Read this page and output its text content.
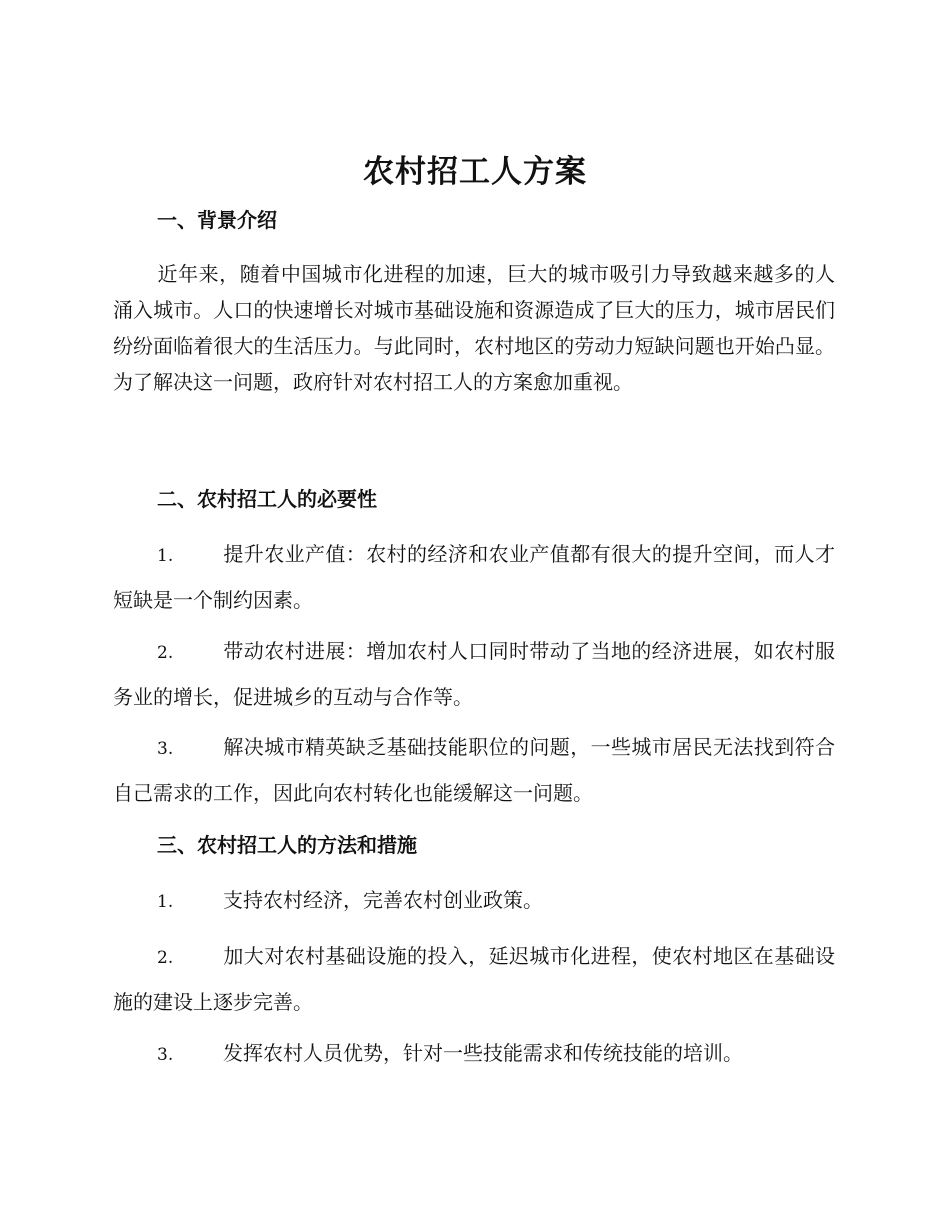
农村招工人方案
一、背景介绍
近年来，随着中国城市化进程的加速，巨大的城市吸引力导致越来越多的人涌入城市。人口的快速增长对城市基础设施和资源造成了巨大的压力，城市居民们纷纷面临着很大的生活压力。与此同时，农村地区的劳动力短缺问题也开始凸显。为了解决这一问题，政府针对农村招工人的方案愈加重视。
二、农村招工人的必要性
1. 提升农业产值：农村的经济和农业产值都有很大的提升空间，而人才短缺是一个制约因素。
2. 带动农村进展：增加农村人口同时带动了当地的经济进展，如农村服务业的增长，促进城乡的互动与合作等。
3. 解决城市精英缺乏基础技能职位的问题，一些城市居民无法找到符合自己需求的工作，因此向农村转化也能缓解这一问题。
三、农村招工人的方法和措施
1. 支持农村经济，完善农村创业政策。
2. 加大对农村基础设施的投入，延迟城市化进程，使农村地区在基础设施的建设上逐步完善。
3. 发挥农村人员优势，针对一些技能需求和传统技能的培训。
